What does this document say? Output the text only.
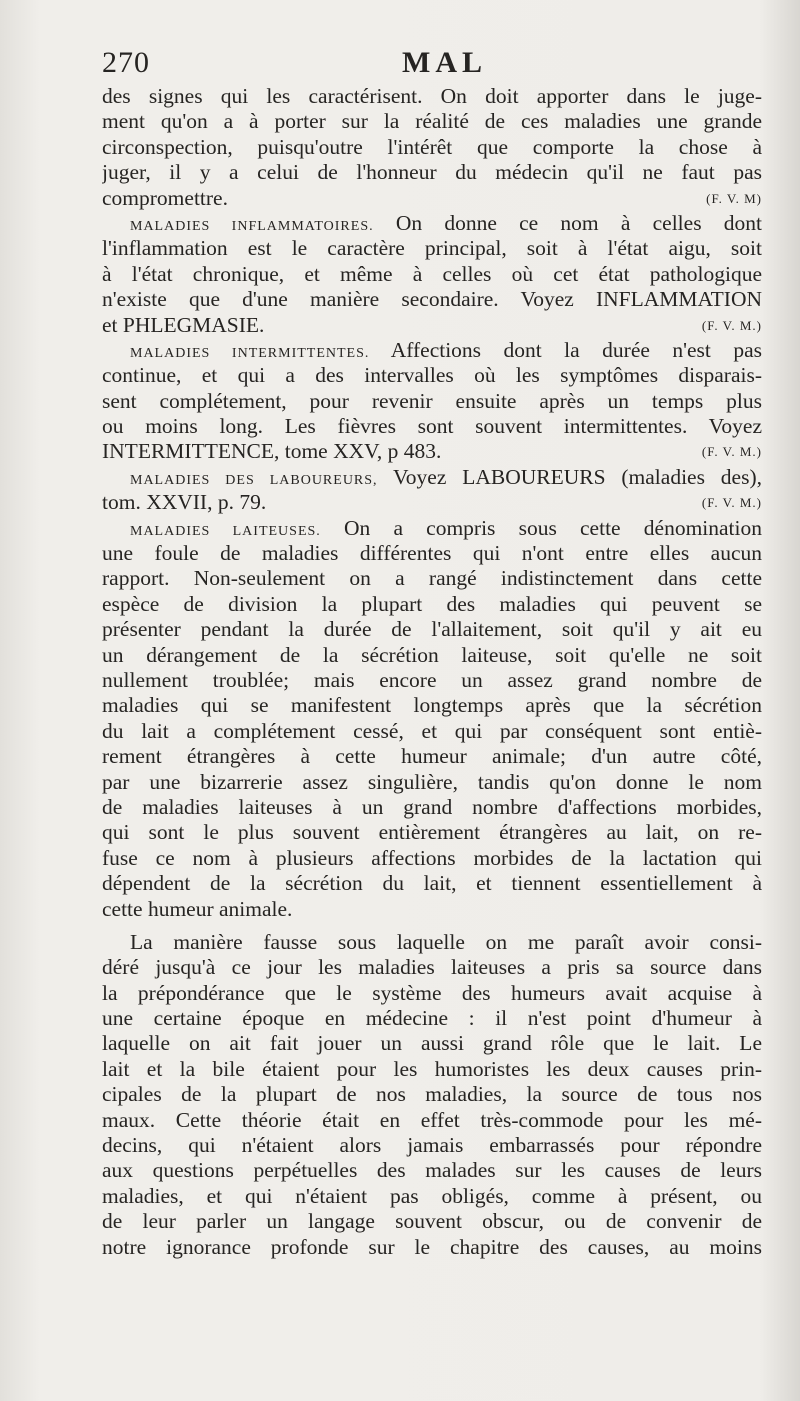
270	MAL
des signes qui les caractérisent. On doit apporter dans le juge-
ment qu'on a à porter sur la réalité de ces maladies une grande
circonspection, puisqu'outre l'intérêt que comporte la chose à
juger, il y a celui de l'honneur du médecin qu'il ne faut pas
compromettre.	(F. V. M)
MALADIES INFLAMMATOIRES. On donne ce nom à celles dont
l'inflammation est le caractère principal, soit à l'état aigu, soit
à l'état chronique, et même à celles où cet état pathologique
n'existe que d'une manière secondaire. Voyez INFLAMMATION
et PHLEGMASIE.	(F. V. M.)
MALADIES INTERMITTENTES. Affections dont la durée n'est pas
continue, et qui a des intervalles où les symptômes disparais-
sent complétement, pour revenir ensuite après un temps plus
ou moins long. Les fièvres sont souvent intermittentes. Voyez
INTERMITTENCE, tome XXV, p 483.	(F. V. M.)
MALADIES DES LABOUREURS, Voyez LABOUREURS (maladies des),
tom. XXVII, p. 79.	(F. V. M.)
MALADIES LAITEUSES. On a compris sous cette dénomination
une foule de maladies différentes qui n'ont entre elles aucun
rapport. Non-seulement on a rangé indistinctement dans cette
espèce de division la plupart des maladies qui peuvent se
présenter pendant la durée de l'allaitement, soit qu'il y ait eu
un dérangement de la sécrétion laiteuse, soit qu'elle ne soit
nullement troublée; mais encore un assez grand nombre de
maladies qui se manifestent longtemps après que la sécrétion
du lait a complétement cessé, et qui par conséquent sont entiè-
rement étrangères à cette humeur animale; d'un autre côté,
par une bizarrerie assez singulière, tandis qu'on donne le nom
de maladies laiteuses à un grand nombre d'affections morbides,
qui sont le plus souvent entièrement étrangères au lait, on re-
fuse ce nom à plusieurs affections morbides de la lactation qui
dépendent de la sécrétion du lait, et tiennent essentiellement à
cette humeur animale.
La manière fausse sous laquelle on me paraît avoir consi-
déré jusqu'à ce jour les maladies laiteuses a pris sa source dans
la prépondérance que le système des humeurs avait acquise à
une certaine époque en médecine : il n'est point d'humeur à
laquelle on ait fait jouer un aussi grand rôle que le lait. Le
lait et la bile étaient pour les humoristes les deux causes prin-
cipales de la plupart de nos maladies, la source de tous nos
maux. Cette théorie était en effet très-commode pour les mé-
decins, qui n'étaient alors jamais embarrassés pour répondre
aux questions perpétuelles des malades sur les causes de leurs
maladies, et qui n'étaient pas obligés, comme à présent, ou
de leur parler un langage souvent obscur, ou de convenir de
notre ignorance profonde sur le chapitre des causes, au moins
